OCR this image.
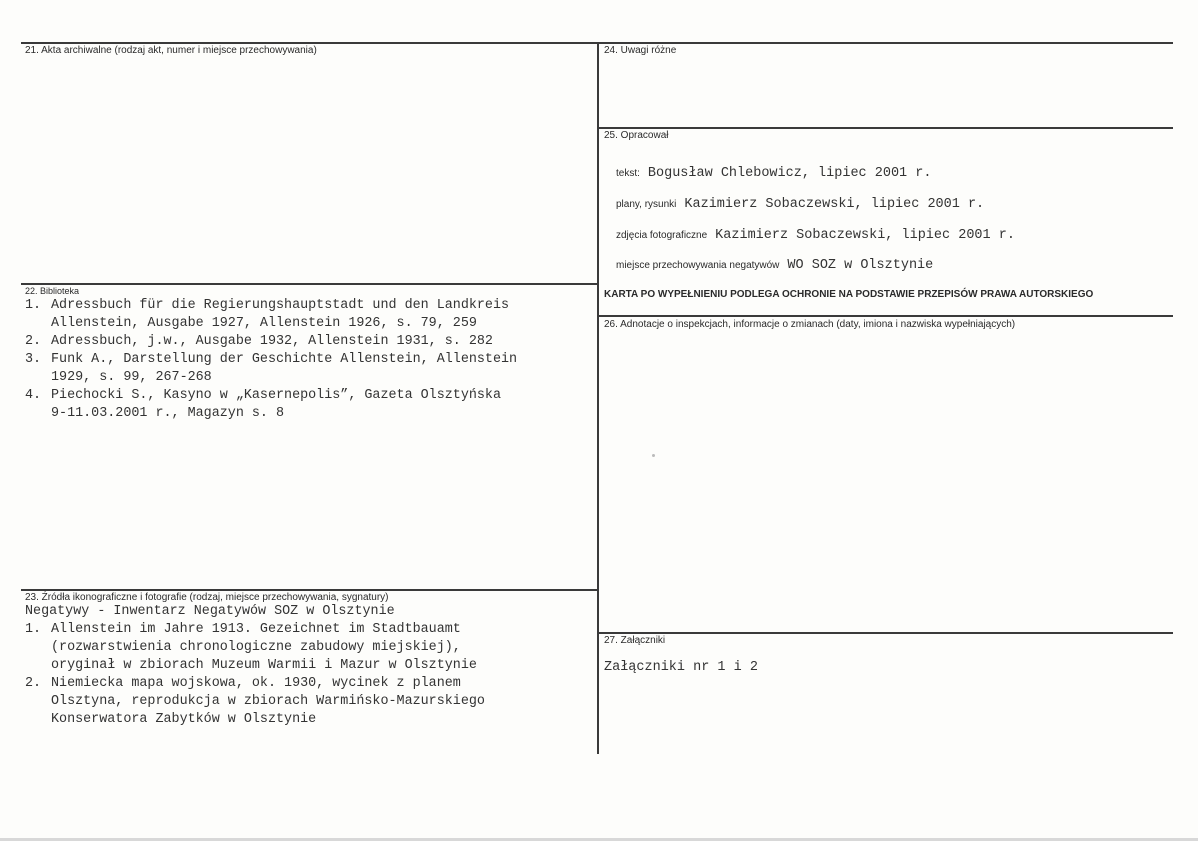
21. Akta archiwalne (rodzaj akt, numer i miejsce przechowywania)
22. Biblioteka
1. Adressbuch für die Regierungshauptstadt und den Landkreis
Allenstein, Ausgabe 1927, Allenstein 1926, s. 79, 259
2. Adressbuch, j.w., Ausgabe 1932, Allenstein 1931, s. 282
3. Funk A., Darstellung der Geschichte Allenstein, Allenstein
1929, s. 99, 267-268
4. Piechocki S., Kasyno w „Kasernepolis”, Gazeta Olsztyńska
9-11.03.2001 r., Magazyn s. 8
23. Źródła ikonograficzne i fotografie (rodzaj, miejsce przechowywania, sygnatury)
Negatywy - Inwentarz Negatywów SOZ w Olsztynie
1. Allenstein im Jahre 1913. Gezeichnet im Stadtbauamt
(rozwarstwienia chronologiczne zabudowy miejskiej),
oryginał w zbiorach Muzeum Warmii i Mazur w Olsztynie
2. Niemiecka mapa wojskowa, ok. 1930, wycinek z planem
Olsztyna, reprodukcja w zbiorach Warmińsko-Mazurskiego
Konserwatora Zabytków w Olsztynie
24. Uwagi różne
25. Opracował
tekst: Bogusław Chlebowicz, lipiec 2001 r.
plany, rysunki Kazimierz Sobaczewski, lipiec 2001 r.
zdjęcia fotograficzne Kazimierz Sobaczewski, lipiec 2001 r.
miejsce przechowywania negatywów WO SOZ w Olsztynie
KARTA PO WYPEŁNIENIU PODLEGA OCHRONIE NA PODSTAWIE PRZEPISÓW PRAWA AUTORSKIEGO
26. Adnotacje o inspekcjach, informacje o zmianach (daty, imiona i nazwiska wypełniających)
27. Załączniki
Załączniki nr 1 i 2
